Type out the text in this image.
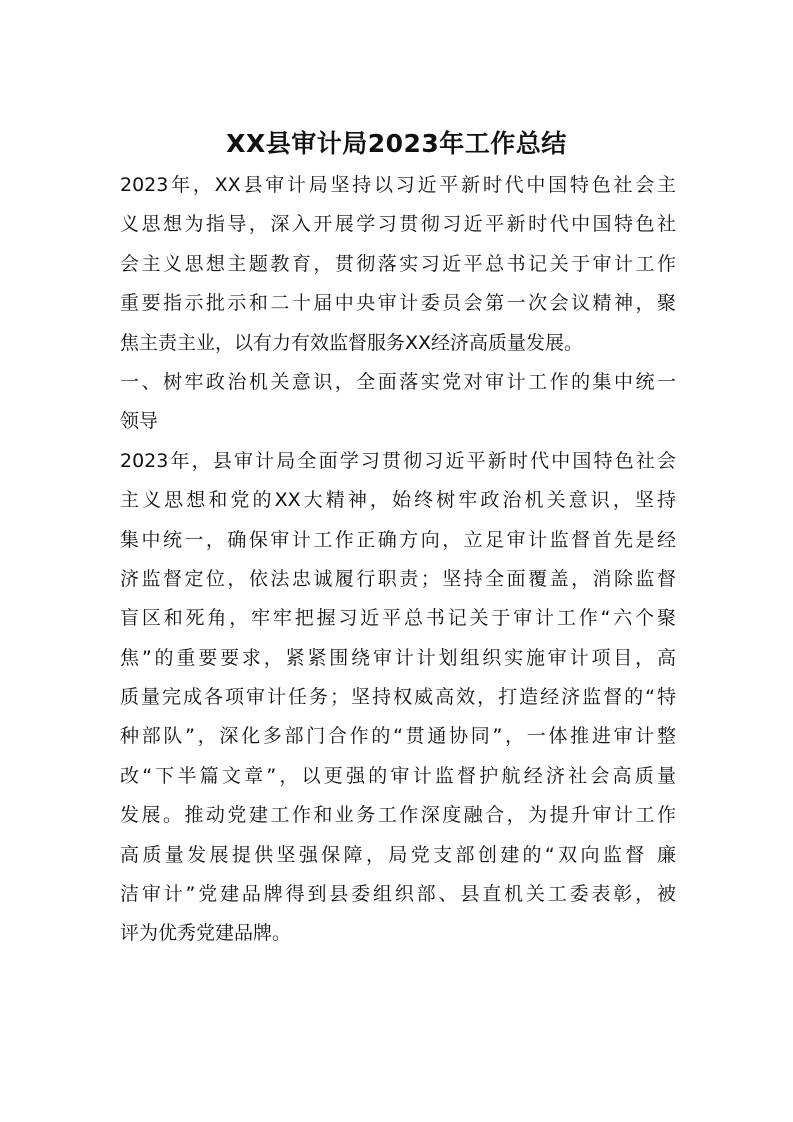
XX县审计局2023年工作总结
2023年，XX县审计局坚持以习近平新时代中国特色社会主
义思想为指导，深入开展学习贯彻习近平新时代中国特色社
会主义思想主题教育，贯彻落实习近平总书记关于审计工作
重要指示批示和二十届中央审计委员会第一次会议精神，聚
焦主责主业，以有力有效监督服务XX经济高质量发展。
一、树牢政治机关意识，全面落实党对审计工作的集中统一
领导
2023年，县审计局全面学习贯彻习近平新时代中国特色社会
主义思想和党的XX大精神，始终树牢政治机关意识，坚持
集中统一，确保审计工作正确方向，立足审计监督首先是经
济监督定位，依法忠诚履行职责；坚持全面覆盖，消除监督
盲区和死角，牢牢把握习近平总书记关于审计工作“六个聚
焦”的重要要求，紧紧围绕审计计划组织实施审计项目，高
质量完成各项审计任务；坚持权威高效，打造经济监督的“特
种部队”，深化多部门合作的“贯通协同”，一体推进审计整
改“下半篇文章”，以更强的审计监督护航经济社会高质量
发展。推动党建工作和业务工作深度融合，为提升审计工作
高质量发展提供坚强保障，局党支部创建的“双向监督 廉
洁审计”党建品牌得到县委组织部、县直机关工委表彰，被
评为优秀党建品牌。
